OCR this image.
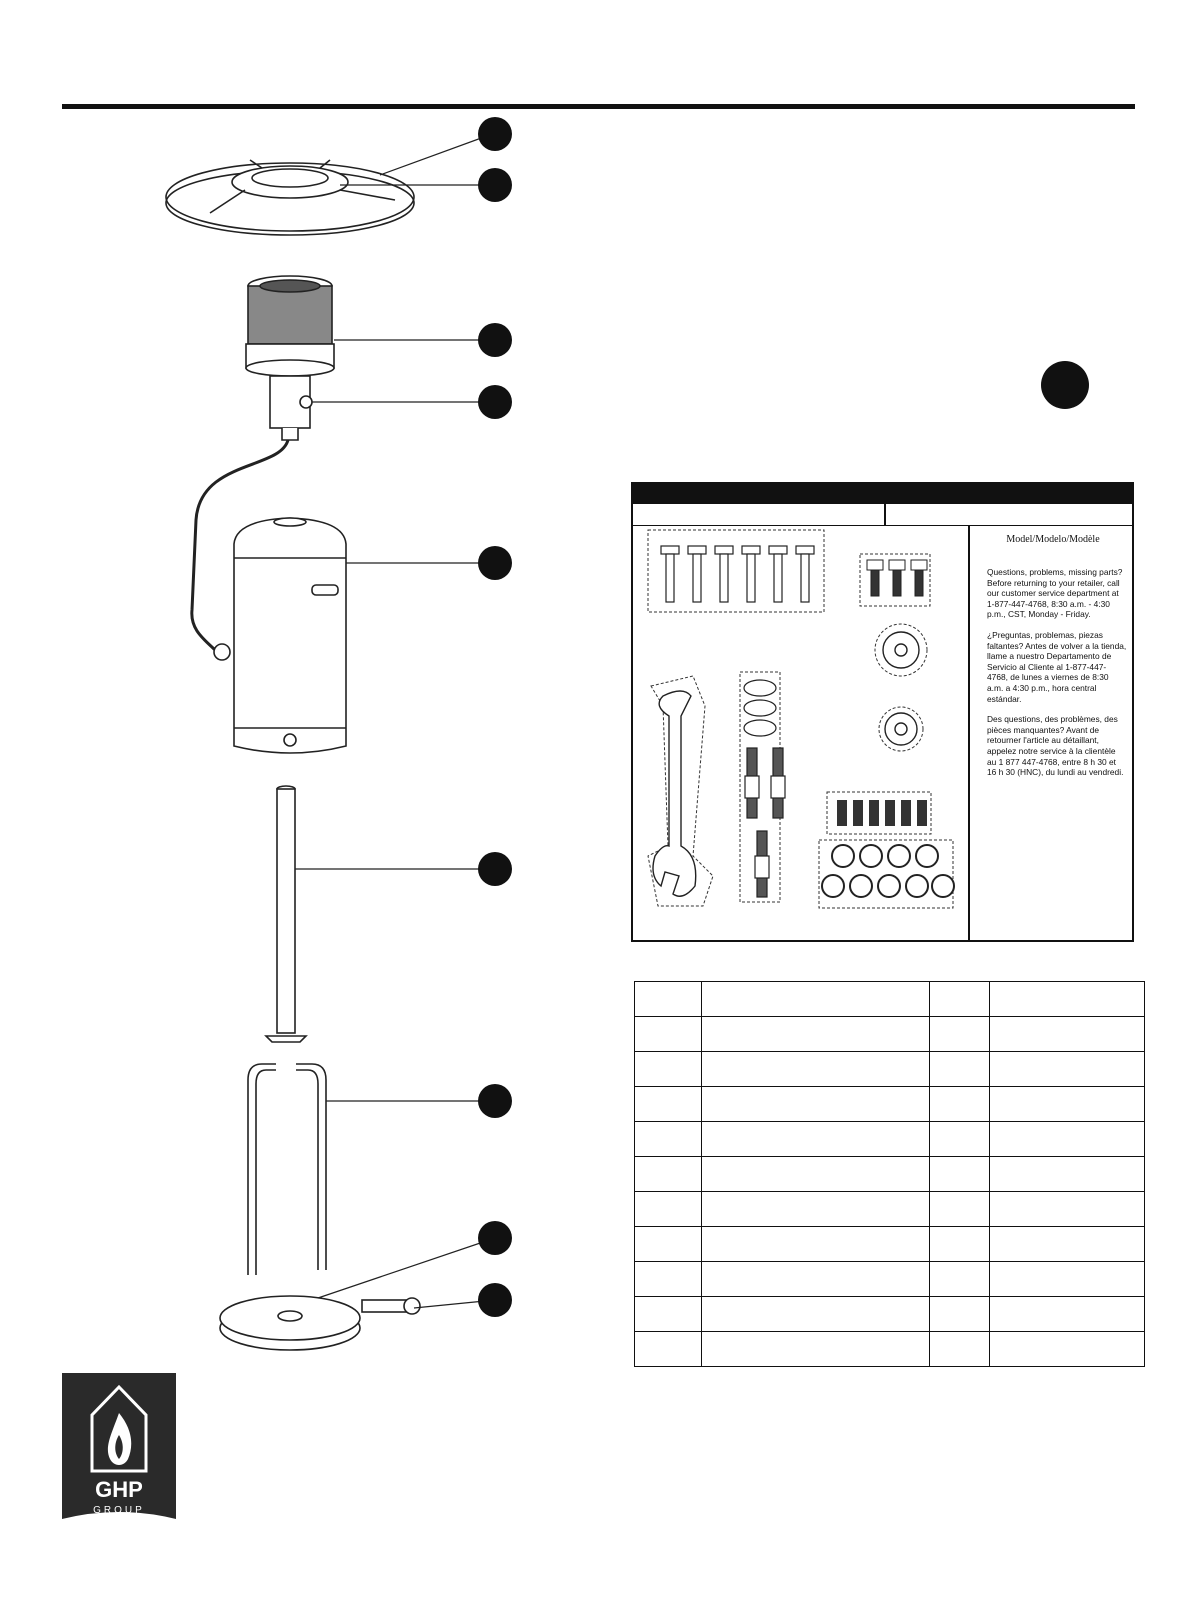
Model/Modelo/Modèle

Questions, problems, missing parts? Before returning to your retailer, call our customer service department at 1-877-447-4768, 8:30 a.m. - 4:30 p.m., CST, Monday - Friday.

¿Preguntas, problemas, piezas faltantes? Antes de volver a la tienda, llame a nuestro Departamento de Servicio al Cliente al 1-877-447-4768, de lunes a viernes de 8:30 a.m. a 4:30 p.m., hora central estándar.

Des questions, des problèmes, des pièces manquantes? Avant de retourner l'article au détaillant, appelez notre service à la clientèle au 1 877 447-4768, entre 8 h 30 et 16 h 30 (HNC), du lundi au vendredi.

GHP
GROUP
